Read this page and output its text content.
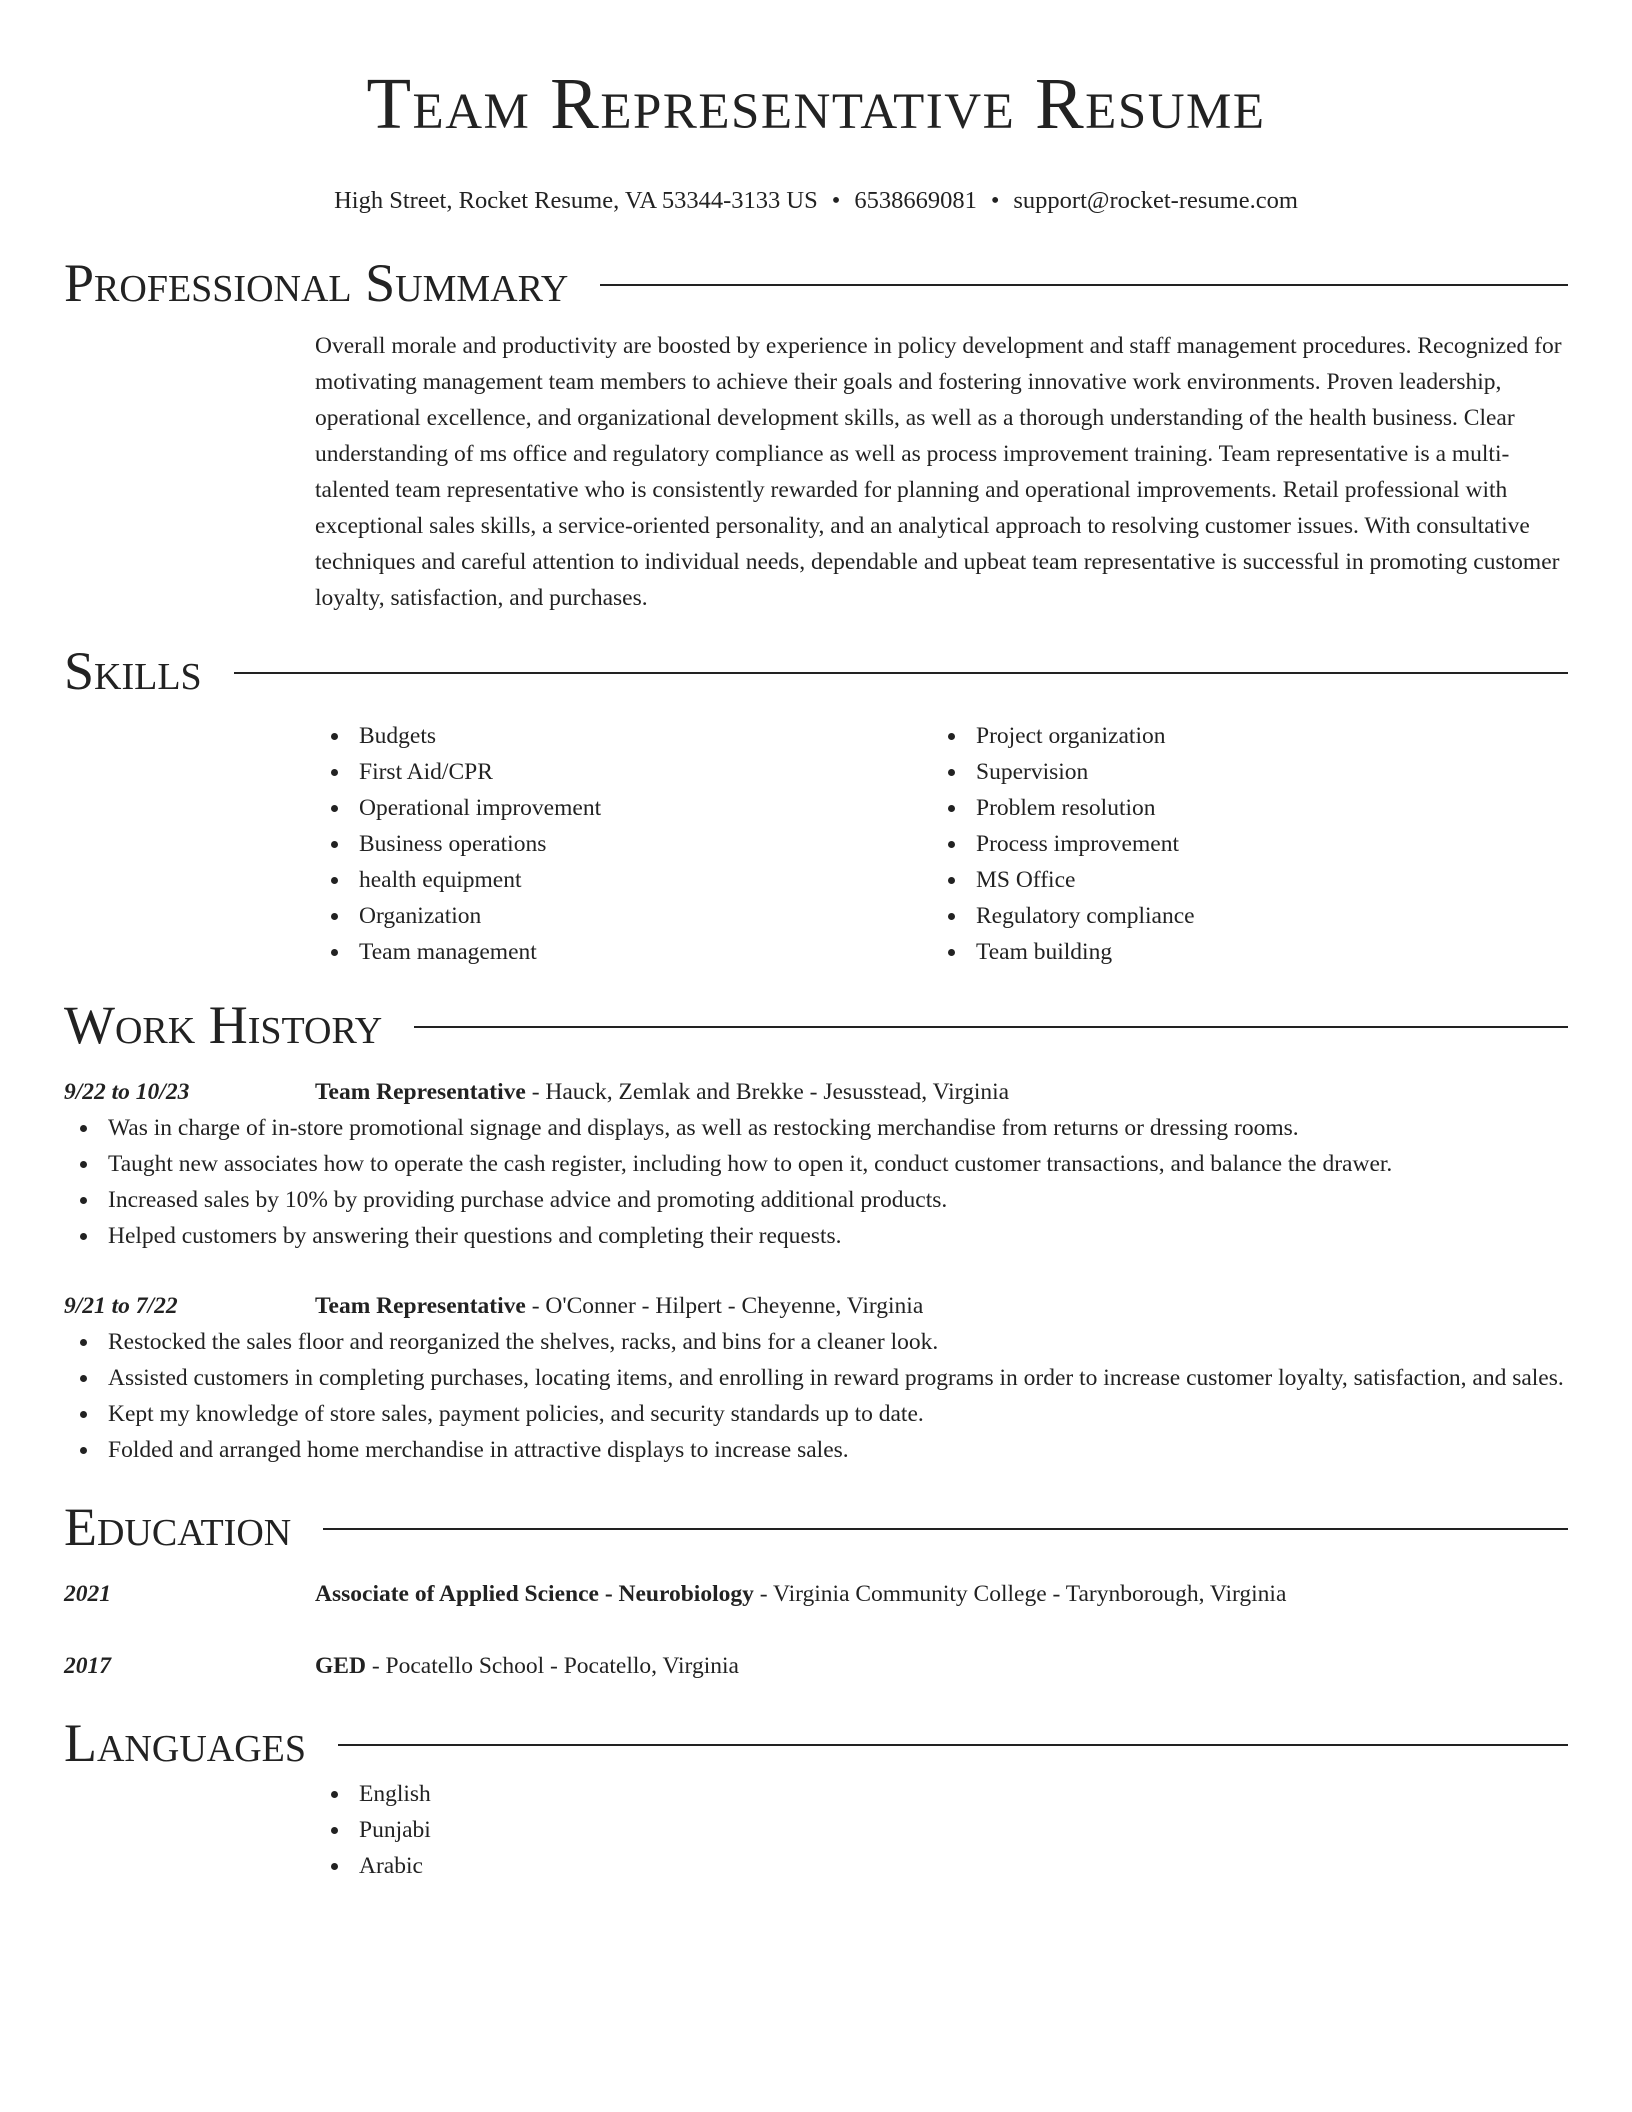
Team Representative Resume
High Street, Rocket Resume, VA 53344-3133 US • 6538669081 • support@rocket-resume.com
Professional Summary

Overall morale and productivity are boosted by experience in policy development and staff management procedures. Recognized for motivating management team members to achieve their goals and fostering innovative work environments. Proven leadership, operational excellence, and organizational development skills, as well as a thorough understanding of the health business. Clear understanding of ms office and regulatory compliance as well as process improvement training. Team representative is a multi-talented team representative who is consistently rewarded for planning and operational improvements. Retail professional with exceptional sales skills, a service-oriented personality, and an analytical approach to resolving customer issues. With consultative techniques and careful attention to individual needs, dependable and upbeat team representative is successful in promoting customer loyalty, satisfaction, and purchases.

Skills
Budgets
First Aid/CPR
Operational improvement
Business operations
health equipment
Organization
Team management
Project organization
Supervision
Problem resolution
Process improvement
MS Office
Regulatory compliance
Team building
Work History
9/22 to 10/23	Team Representative - Hauck, Zemlak and Brekke - Jesusstead, Virginia
Was in charge of in-store promotional signage and displays, as well as restocking merchandise from returns or dressing rooms.
Taught new associates how to operate the cash register, including how to open it, conduct customer transactions, and balance the drawer.
Increased sales by 10% by providing purchase advice and promoting additional products.
Helped customers by answering their questions and completing their requests.
9/21 to 7/22	Team Representative - O'Conner - Hilpert - Cheyenne, Virginia
Restocked the sales floor and reorganized the shelves, racks, and bins for a cleaner look.
Assisted customers in completing purchases, locating items, and enrolling in reward programs in order to increase customer loyalty, satisfaction, and sales.
Kept my knowledge of store sales, payment policies, and security standards up to date.
Folded and arranged home merchandise in attractive displays to increase sales.
Education
2021	Associate of Applied Science - Neurobiology - Virginia Community College - Tarynborough, Virginia
2017	GED - Pocatello School - Pocatello, Virginia
Languages
English
Punjabi
Arabic
